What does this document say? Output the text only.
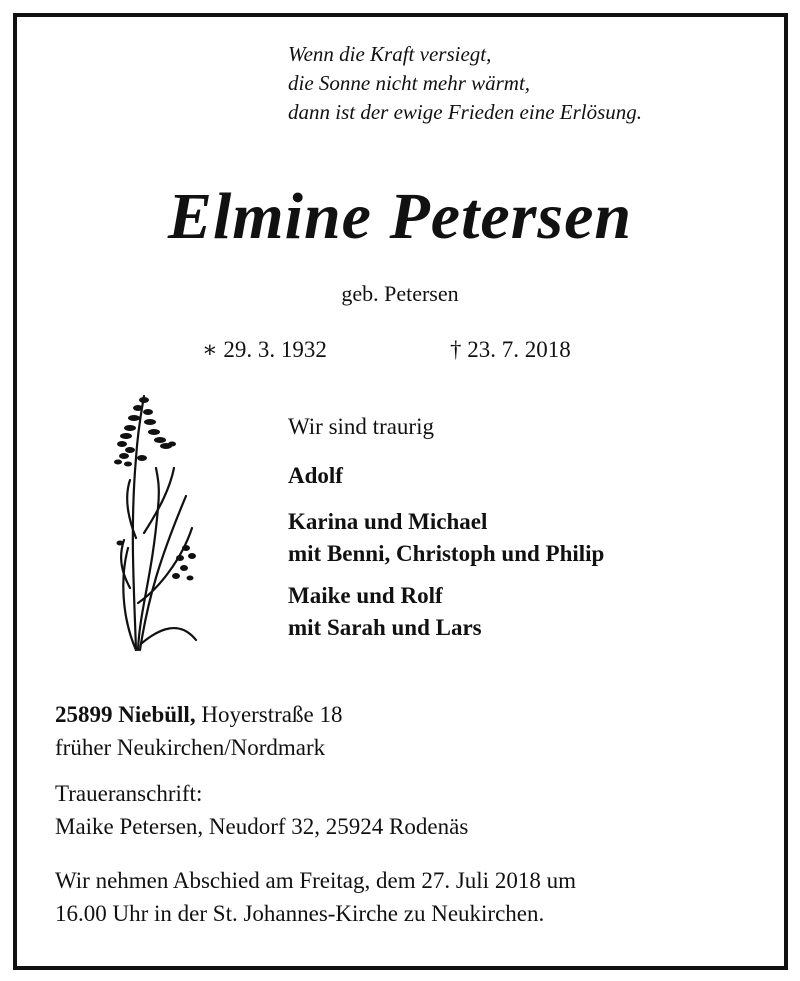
Wenn die Kraft versiegt,
die Sonne nicht mehr wärmt,
dann ist der ewige Frieden eine Erlösung.
Elmine Petersen
geb. Petersen
∗ 29. 3. 1932	† 23. 7. 2018
Wir sind traurig
Adolf
Karina und Michael
mit Benni, Christoph und Philip
Maike und Rolf
mit Sarah und Lars
25899 Niebüll, Hoyerstraße 18
früher Neukirchen/Nordmark
Traueranschrift:
Maike Petersen, Neudorf 32, 25924 Rodenäs
Wir nehmen Abschied am Freitag, dem 27. Juli 2018 um
16.00 Uhr in der St. Johannes-Kirche zu Neukirchen.
